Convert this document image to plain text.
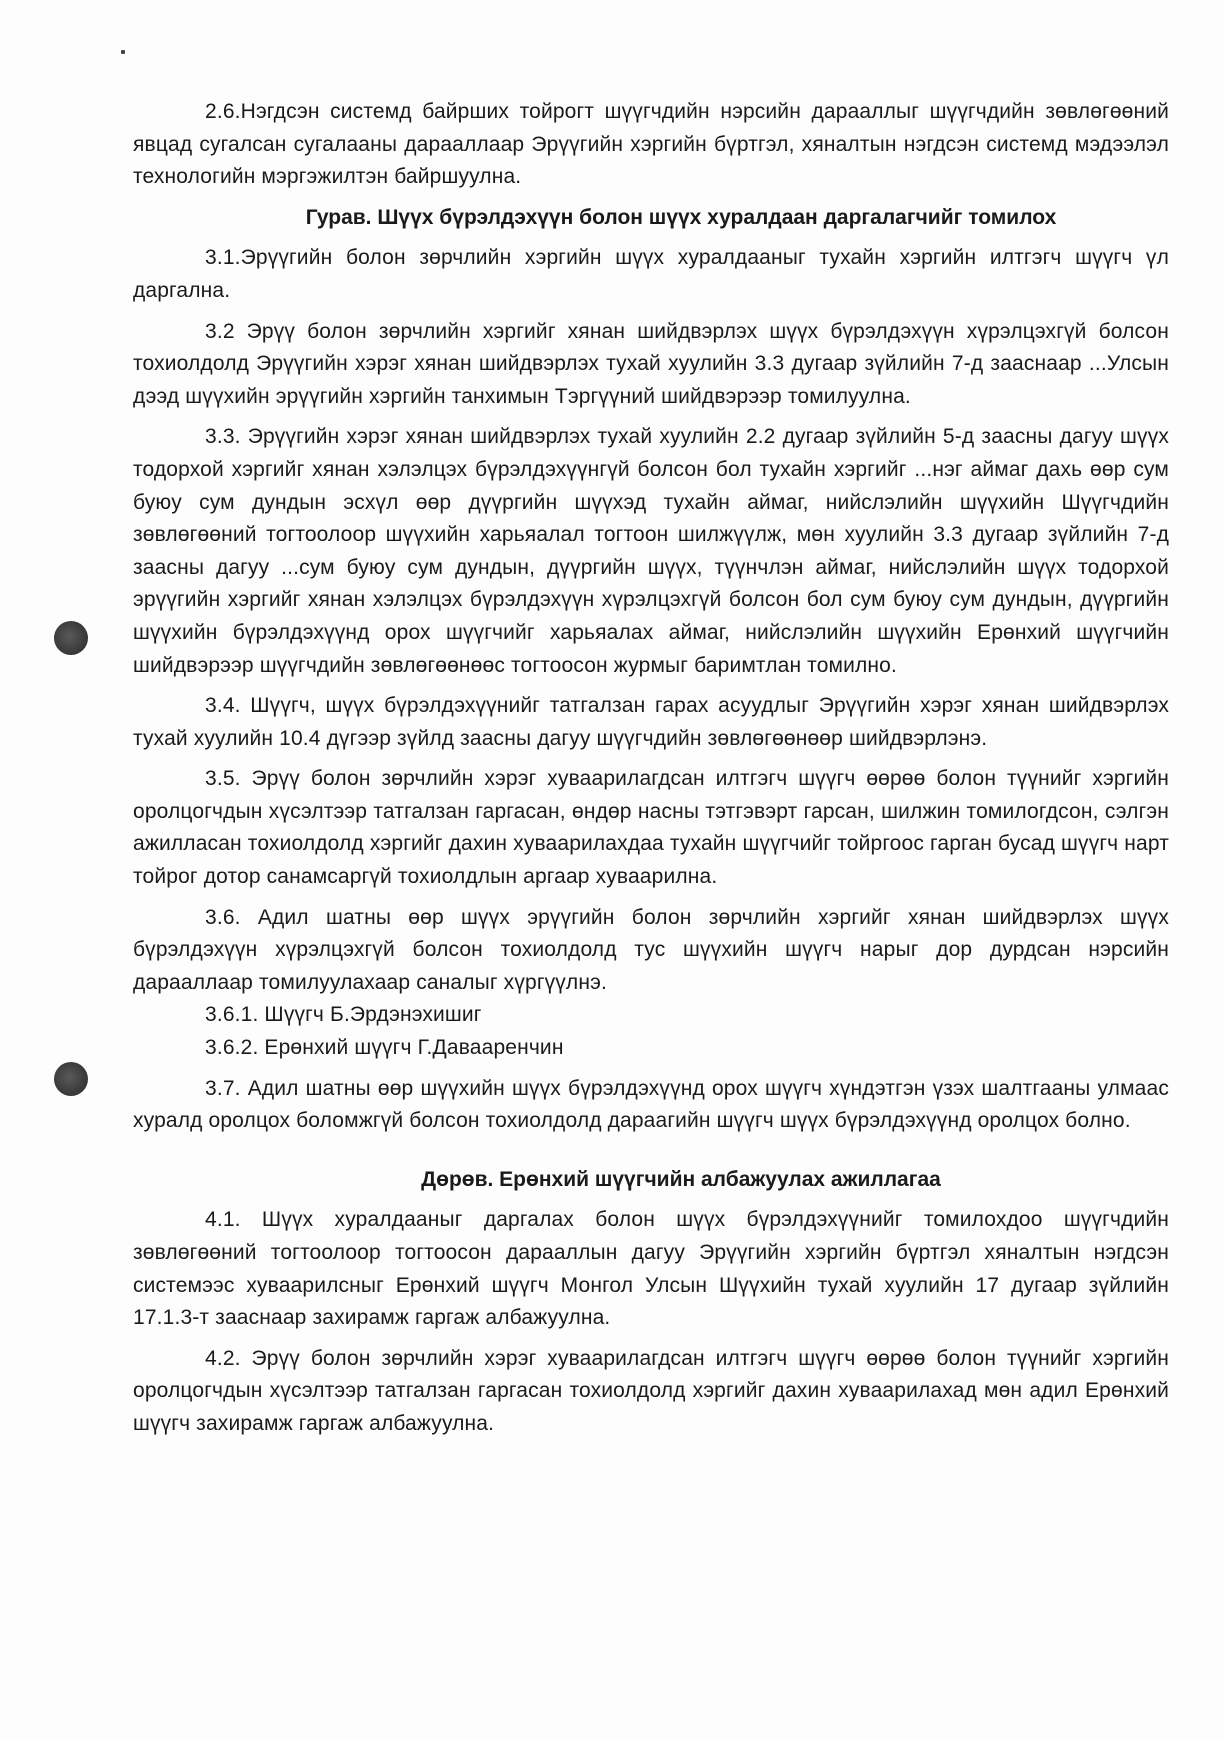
2.6.Нэгдсэн системд байрших тойрогт шүүгчдийн нэрсийн дарааллыг шүүгчдийн зөвлөгөөний явцад сугалсан сугалааны дарааллаар Эрүүгийн хэргийн бүртгэл, хяналтын нэгдсэн системд мэдээлэл технологийн мэргэжилтэн байршуулна.

Гурав. Шүүх бүрэлдэхүүн болон шүүх хуралдаан даргалагчийг томилох

3.1.Эрүүгийн болон зөрчлийн хэргийн шүүх хуралдааныг тухайн хэргийн илтгэгч шүүгч үл даргална.

3.2 Эрүү болон зөрчлийн хэргийг хянан шийдвэрлэх шүүх бүрэлдэхүүн хүрэлцэхгүй болсон тохиолдолд Эрүүгийн хэрэг хянан шийдвэрлэх тухай хуулийн 3.3 дугаар зүйлийн 7-д зааснаар ...Улсын дээд шүүхийн эрүүгийн хэргийн танхимын Тэргүүний шийдвэрээр томилуулна.

3.3. Эрүүгийн хэрэг хянан шийдвэрлэх тухай хуулийн 2.2 дугаар зүйлийн 5-д заасны дагуу шүүх тодорхой хэргийг хянан хэлэлцэх бүрэлдэхүүнгүй болсон бол тухайн хэргийг ...нэг аймаг дахь өөр сум буюу сум дундын эсхүл өөр дүүргийн шүүхэд тухайн аймаг, нийслэлийн шүүхийн Шүүгчдийн зөвлөгөөний тогтоолоор шүүхийн харьяалал тогтоон шилжүүлж, мөн хуулийн 3.3 дугаар зүйлийн 7-д заасны дагуу ...сум буюу сум дундын, дүүргийн шүүх, түүнчлэн аймаг, нийслэлийн шүүх тодорхой эрүүгийн хэргийг хянан хэлэлцэх бүрэлдэхүүн хүрэлцэхгүй болсон бол сум буюу сум дундын, дүүргийн шүүхийн бүрэлдэхүүнд орох шүүгчийг харьяалах аймаг, нийслэлийн шүүхийн Ерөнхий шүүгчийн шийдвэрээр шүүгчдийн зөвлөгөөнөөс тогтоосон журмыг баримтлан томилно.

3.4. Шүүгч, шүүх бүрэлдэхүүнийг татгалзан гарах асуудлыг Эрүүгийн хэрэг хянан шийдвэрлэх тухай хуулийн 10.4 дүгээр зүйлд заасны дагуу шүүгчдийн зөвлөгөөнөөр шийдвэрлэнэ.

3.5. Эрүү болон зөрчлийн хэрэг хуваарилагдсан илтгэгч шүүгч өөрөө болон түүнийг хэргийн оролцогчдын хүсэлтээр татгалзан гаргасан, өндөр насны тэтгэвэрт гарсан, шилжин томилогдсон, сэлгэн ажилласан тохиолдолд хэргийг дахин хуваарилахдаа тухайн шүүгчийг тойргоос гарган бусад шүүгч нарт тойрог дотор санамсаргүй тохиолдлын аргаар хуваарилна.

3.6. Адил шатны өөр шүүх эрүүгийн болон зөрчлийн хэргийг хянан шийдвэрлэх шүүх бүрэлдэхүүн хүрэлцэхгүй болсон тохиолдолд тус шүүхийн шүүгч нарыг дор дурдсан нэрсийн дарааллаар томилуулахаар саналыг хүргүүлнэ.

3.6.1. Шүүгч Б.Эрдэнэхишиг

3.6.2. Ерөнхий шүүгч Г.Давааренчин

3.7. Адил шатны өөр шүүхийн шүүх бүрэлдэхүүнд орох шүүгч хүндэтгэн үзэх шалтгааны улмаас хуралд оролцох боломжгүй болсон тохиолдолд дараагийн шүүгч шүүх бүрэлдэхүүнд оролцох болно.

Дөрөв. Ерөнхий шүүгчийн албажуулах ажиллагаа

4.1. Шүүх хуралдааныг даргалах болон шүүх бүрэлдэхүүнийг томилохдоо шүүгчдийн зөвлөгөөний тогтоолоор тогтоосон дарааллын дагуу Эрүүгийн хэргийн бүртгэл хяналтын нэгдсэн системээс хуваарилсныг Ерөнхий шүүгч Монгол Улсын Шүүхийн тухай хуулийн 17 дугаар зүйлийн 17.1.3-т зааснаар захирамж гаргаж албажуулна.

4.2. Эрүү болон зөрчлийн хэрэг хуваарилагдсан илтгэгч шүүгч өөрөө болон түүнийг хэргийн оролцогчдын хүсэлтээр татгалзан гаргасан тохиолдолд хэргийг дахин хуваарилахад мөн адил Ерөнхий шүүгч захирамж гаргаж албажуулна.
